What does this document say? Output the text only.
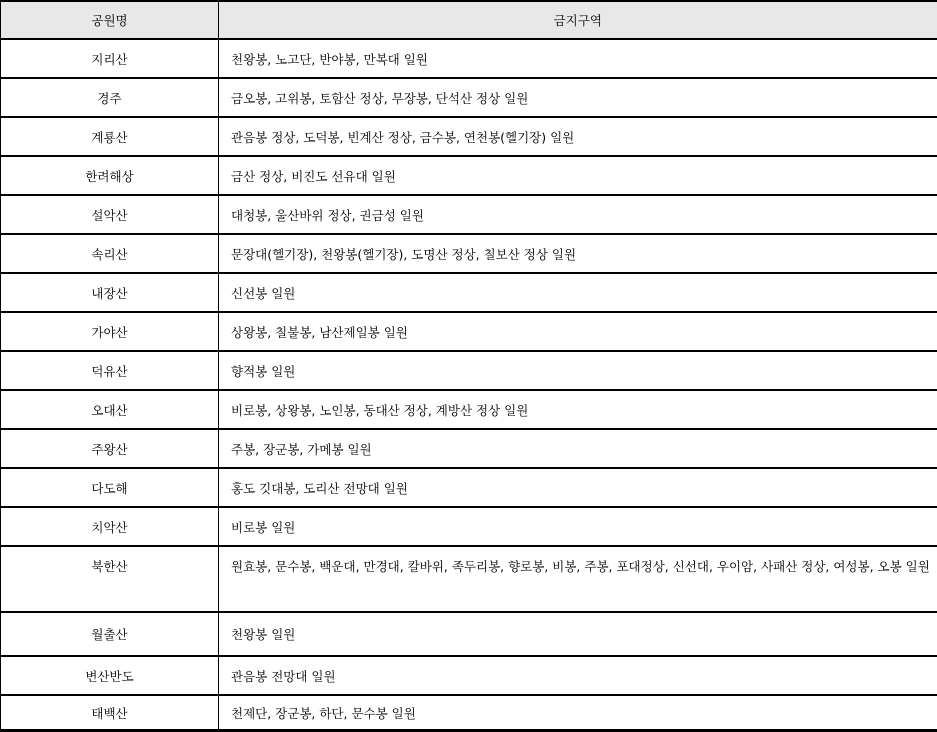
공원명	금지구역
지리산	천왕봉, 노고단, 반야봉, 만복대 일원
경주	금오봉, 고위봉, 토함산 정상, 무장봉, 단석산 정상 일원
계룡산	관음봉 정상, 도덕봉, 빈계산 정상, 금수봉, 연천봉(헬기장) 일원
한려해상	금산 정상, 비진도 선유대 일원
설악산	대청봉, 울산바위 정상, 권금성 일원
속리산	문장대(헬기장), 천왕봉(헬기장), 도명산 정상, 칠보산 정상 일원
내장산	신선봉 일원
가야산	상왕봉, 칠불봉, 남산제일봉 일원
덕유산	향적봉 일원
오대산	비로봉, 상왕봉, 노인봉, 동대산 정상, 계방산 정상 일원
주왕산	주봉, 장군봉, 가메봉 일원
다도해	홍도 깃대봉, 도리산 전망대 일원
치악산	비로봉 일원
북한산	원효봉, 문수봉, 백운대, 만경대, 칼바위, 족두리봉, 향로봉, 비봉, 주봉, 포대정상, 신선대, 우이암, 사패산 정상, 여성봉, 오봉 일원
월출산	천왕봉 일원
변산반도	관음봉 전망대 일원
태백산	천제단, 장군봉, 하단, 문수봉 일원
